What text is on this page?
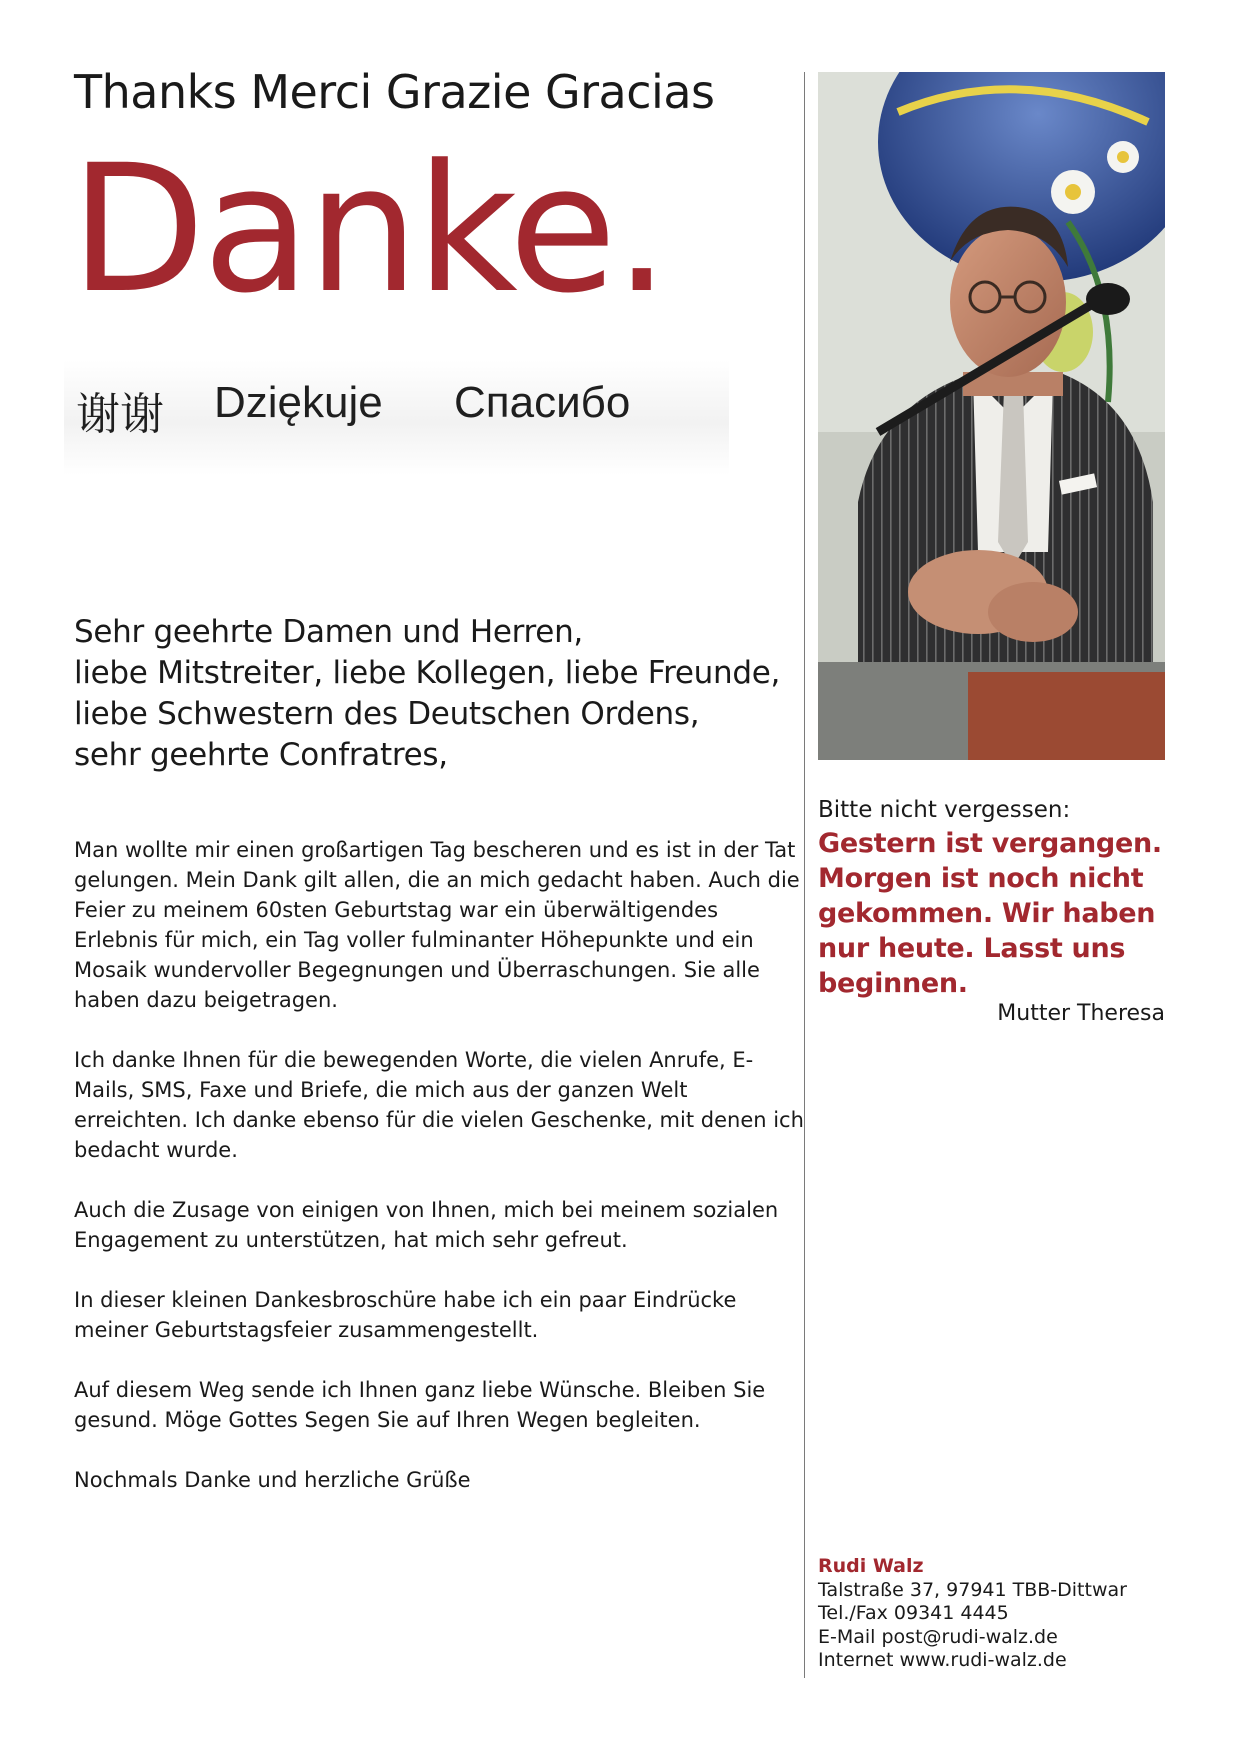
Thanks Merci Grazie Gracias
Danke.
谢谢 Dziękuje Спасибо
Sehr geehrte Damen und Herren,
liebe Mitstreiter, liebe Kollegen, liebe Freunde,
liebe Schwestern des Deutschen Ordens,
sehr geehrte Confratres,

Man wollte mir einen großartigen Tag bescheren und es ist in der Tat gelungen. Mein Dank gilt allen, die an mich gedacht haben. Auch die Feier zu meinem 60sten Geburtstag war ein überwältigendes Erlebnis für mich, ein Tag voller fulminanter Höhepunkte und ein Mosaik wundervoller Begegnungen und Überraschungen. Sie alle haben dazu beigetragen.

Ich danke Ihnen für die bewegenden Worte, die vielen Anrufe, E-Mails, SMS, Faxe und Briefe, die mich aus der ganzen Welt erreichten. Ich danke ebenso für die vielen Geschenke, mit denen ich bedacht wurde.

Auch die Zusage von einigen von Ihnen, mich bei meinem sozialen Engagement zu unterstützen, hat mich sehr gefreut.

In dieser kleinen Dankesbroschüre habe ich ein paar Eindrücke meiner Geburtstagsfeier zusammengestellt.

Auf diesem Weg sende ich Ihnen ganz liebe Wünsche. Bleiben Sie gesund. Möge Gottes Segen Sie auf Ihren Wegen begleiten.

Nochmals Danke und herzliche Grüße

Bitte nicht vergessen:
Gestern ist vergangen. Morgen ist noch nicht gekommen. Wir haben nur heute. Lasst uns beginnen.
Mutter Theresa
Rudi Walz
Talstraße 37, 97941 TBB-Dittwar
Tel./Fax 09341 4445
E-Mail post@rudi-walz.de
Internet www.rudi-walz.de
